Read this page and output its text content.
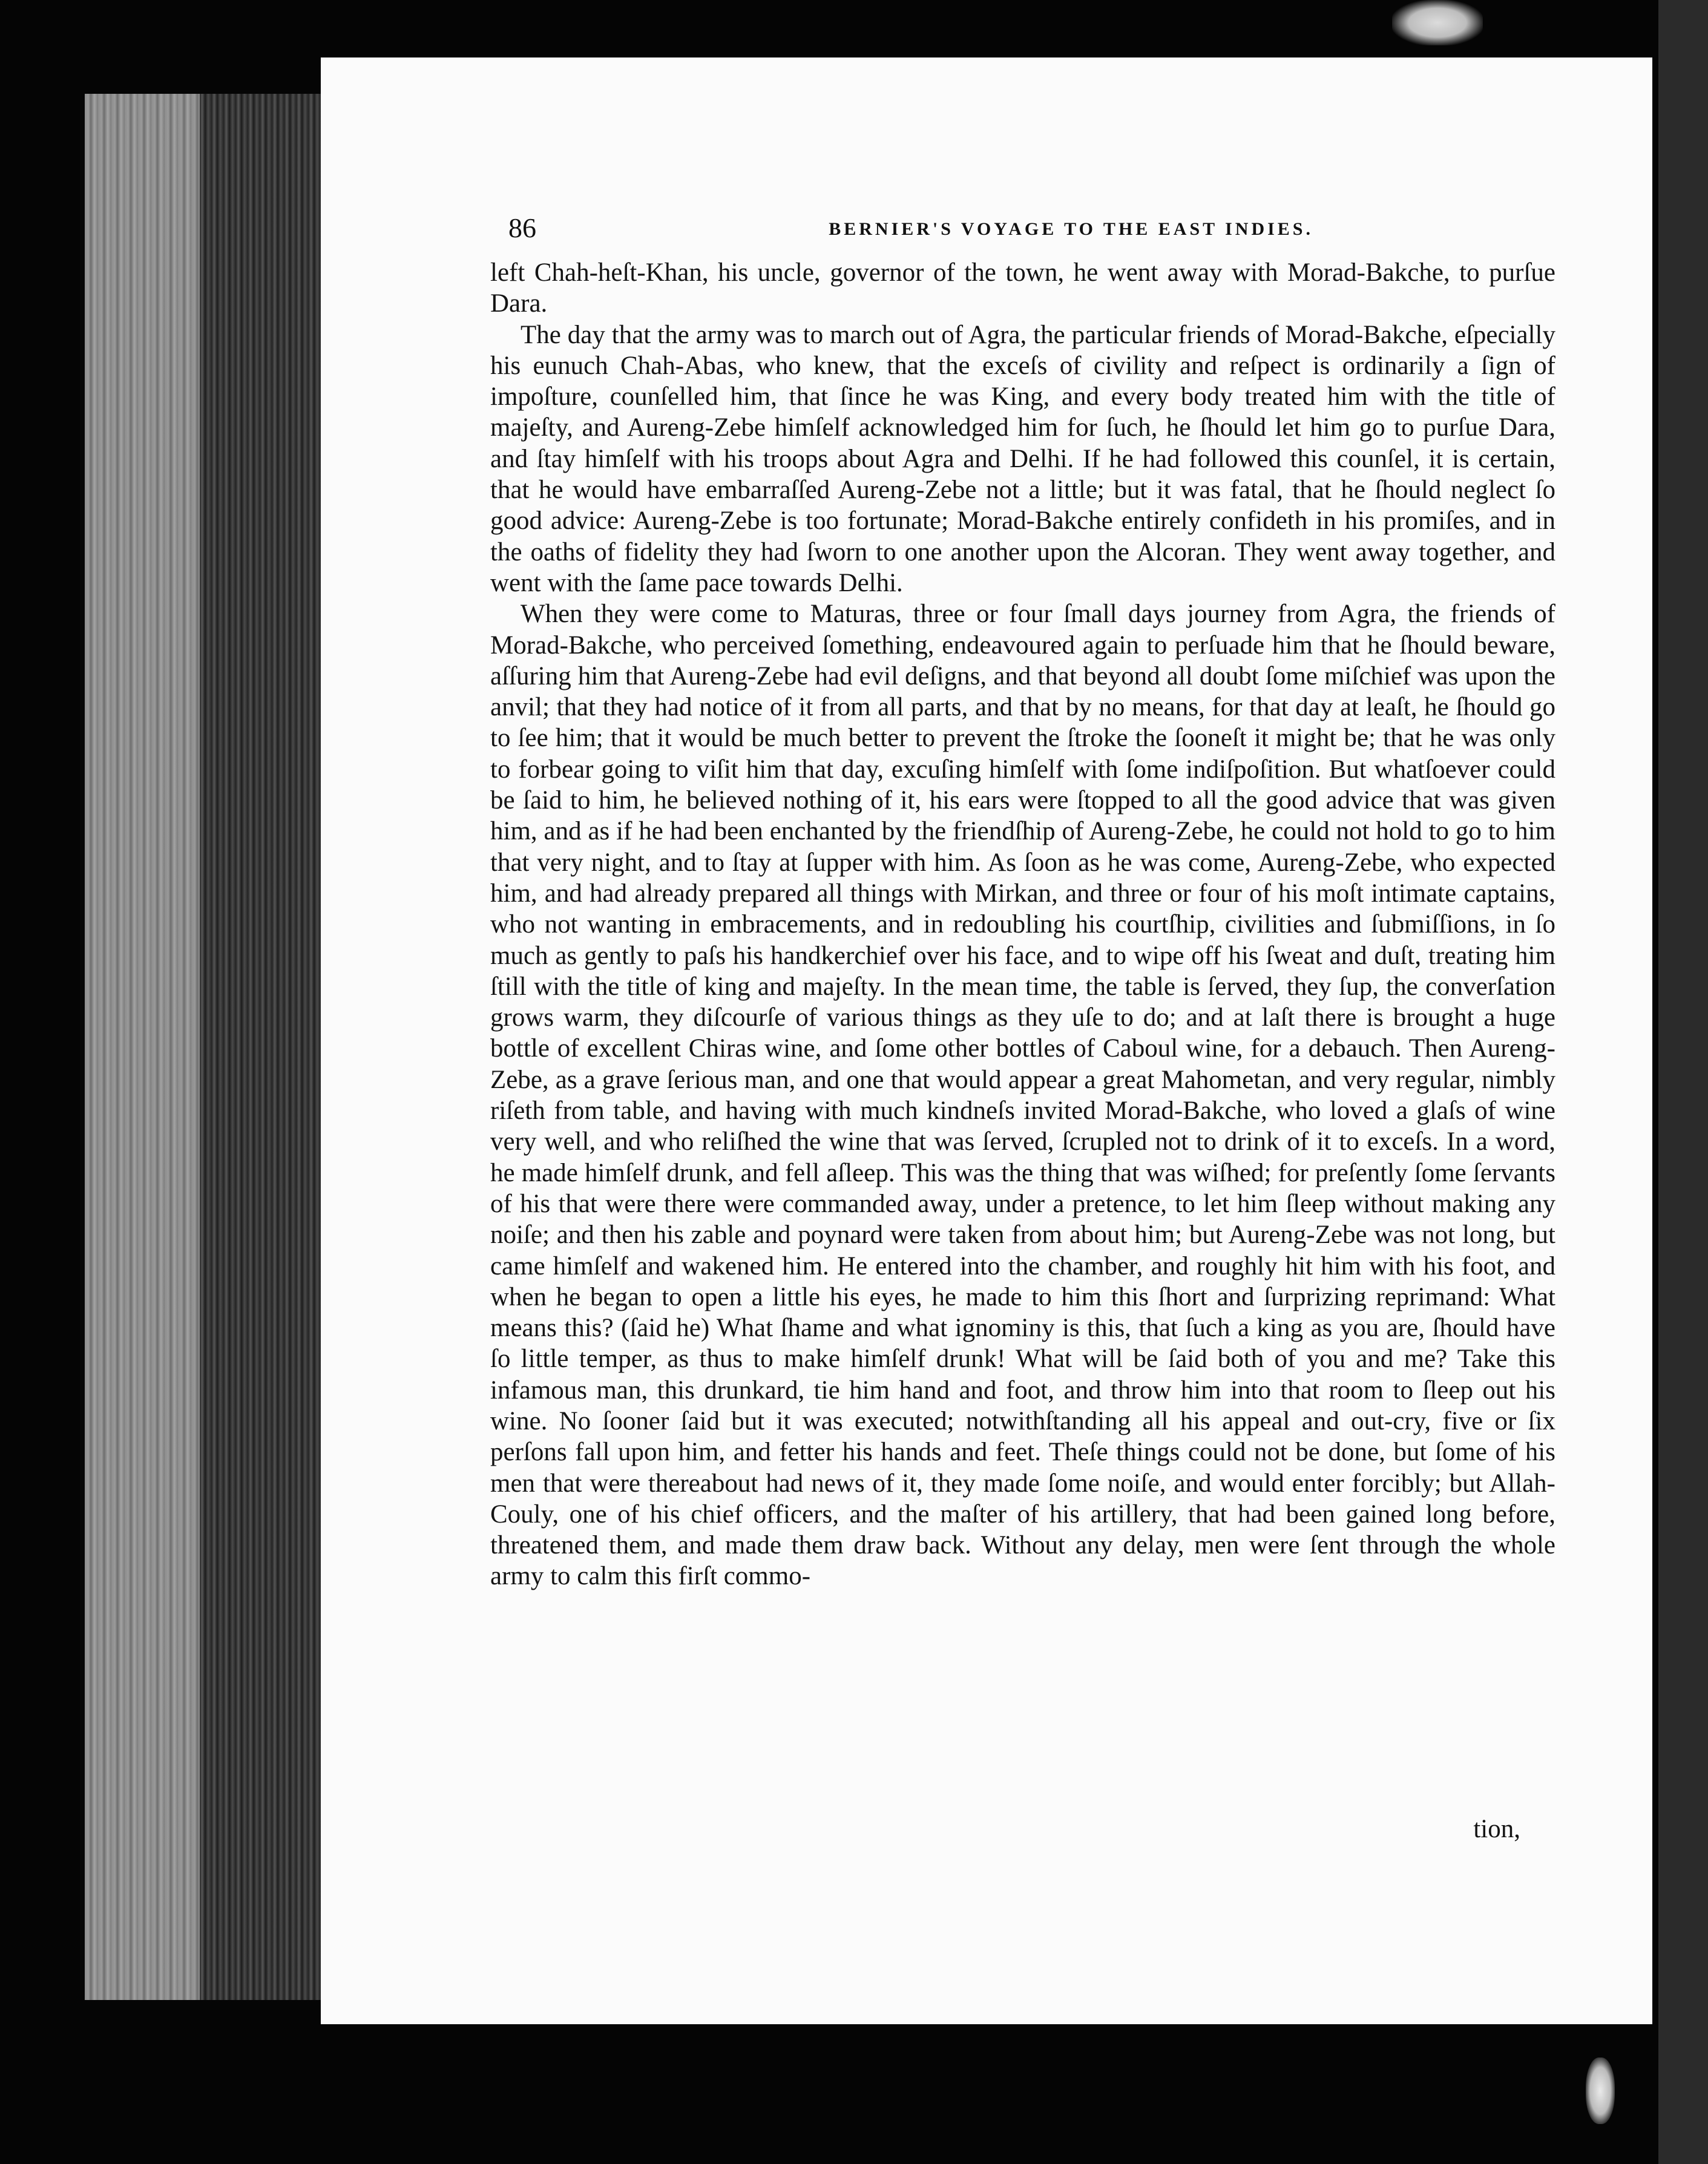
86	BERNIER'S VOYAGE TO THE EAST INDIES.

left Chah-heſt-Khan, his uncle, governor of the town, he went away with Morad-Bakche, to purſue Dara.

The day that the army was to march out of Agra, the particular friends of Morad-Bakche, eſpecially his eunuch Chah-Abas, who knew, that the exceſs of civility and reſpect is ordinarily a ſign of impoſture, counſelled him, that ſince he was King, and every body treated him with the title of majeſty, and Aureng-Zebe himſelf acknowledged him for ſuch, he ſhould let him go to purſue Dara, and ſtay himſelf with his troops about Agra and Delhi. If he had followed this counſel, it is certain, that he would have embarraſſed Aureng-Zebe not a little; but it was fatal, that he ſhould neglect ſo good advice: Aureng-Zebe is too fortunate; Morad-Bakche entirely confideth in his promiſes, and in the oaths of fidelity they had ſworn to one another upon the Alcoran. They went away together, and went with the ſame pace towards Delhi.

When they were come to Maturas, three or four ſmall days journey from Agra, the friends of Morad-Bakche, who perceived ſomething, endeavoured again to perſuade him that he ſhould beware, aſſuring him that Aureng-Zebe had evil deſigns, and that beyond all doubt ſome miſchief was upon the anvil; that they had notice of it from all parts, and that by no means, for that day at leaſt, he ſhould go to ſee him; that it would be much better to prevent the ſtroke the ſooneſt it might be; that he was only to forbear going to viſit him that day, excuſing himſelf with ſome indiſpoſition. But whatſoever could be ſaid to him, he believed nothing of it, his ears were ſtopped to all the good advice that was given him, and as if he had been enchanted by the friendſhip of Aureng-Zebe, he could not hold to go to him that very night, and to ſtay at ſupper with him. As ſoon as he was come, Aureng-Zebe, who expected him, and had already prepared all things with Mirkan, and three or four of his moſt intimate captains, who not wanting in embracements, and in redoubling his courtſhip, civilities and ſubmiſſions, in ſo much as gently to paſs his handkerchief over his face, and to wipe off his ſweat and duſt, treating him ſtill with the title of king and majeſty. In the mean time, the table is ſerved, they ſup, the converſation grows warm, they diſcourſe of various things as they uſe to do; and at laſt there is brought a huge bottle of excellent Chiras wine, and ſome other bottles of Caboul wine, for a debauch. Then Aureng-Zebe, as a grave ſerious man, and one that would appear a great Mahometan, and very regular, nimbly riſeth from table, and having with much kindneſs invited Morad-Bakche, who loved a glaſs of wine very well, and who reliſhed the wine that was ſerved, ſcrupled not to drink of it to exceſs. In a word, he made himſelf drunk, and fell aſleep. This was the thing that was wiſhed; for preſently ſome ſervants of his that were there were commanded away, under a pretence, to let him ſleep without making any noiſe; and then his zable and poynard were taken from about him; but Aureng-Zebe was not long, but came himſelf and wakened him. He entered into the chamber, and roughly hit him with his foot, and when he began to open a little his eyes, he made to him this ſhort and ſurprizing reprimand: What means this? (ſaid he) What ſhame and what ignominy is this, that ſuch a king as you are, ſhould have ſo little temper, as thus to make himſelf drunk! What will be ſaid both of you and me? Take this infamous man, this drunkard, tie him hand and foot, and throw him into that room to ſleep out his wine. No ſooner ſaid but it was executed; notwithſtanding all his appeal and out-cry, five or ſix perſons fall upon him, and fetter his hands and feet. Theſe things could not be done, but ſome of his men that were thereabout had news of it, they made ſome noiſe, and would enter forcibly; but Allah-Couly, one of his chief officers, and the maſter of his artillery, that had been gained long before, threatened them, and made them draw back. Without any delay, men were ſent through the whole army to calm this firſt commo-

tion,
